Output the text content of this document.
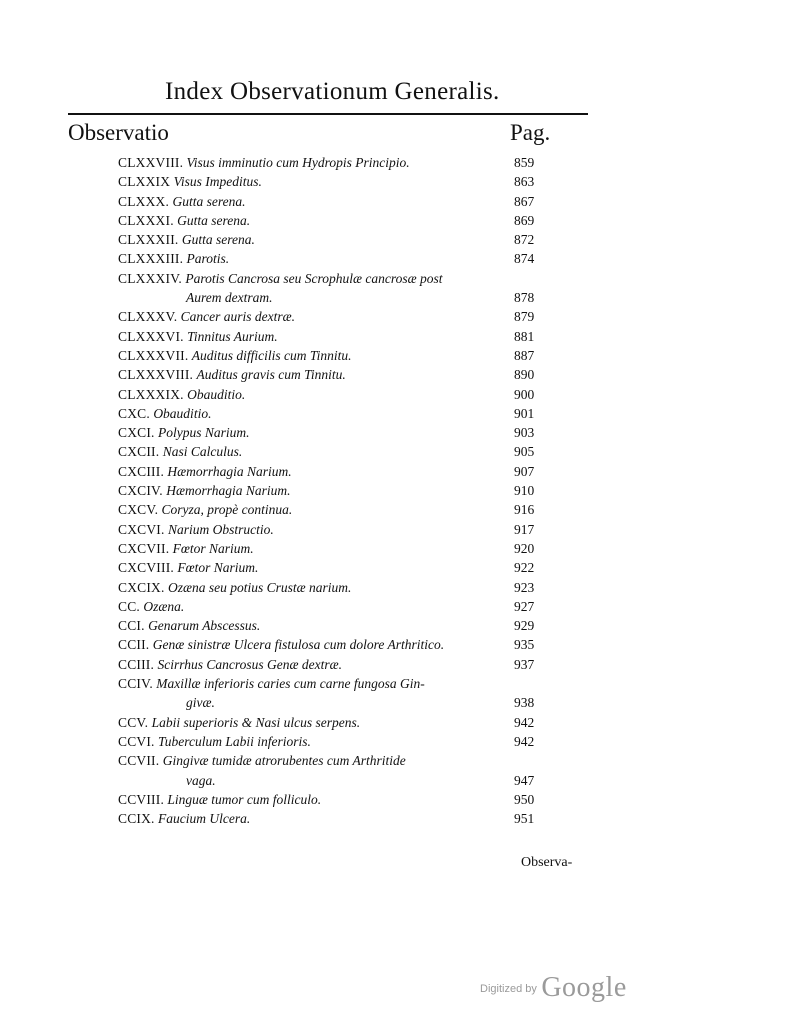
Index Observationum Generalis.
Observatio	Pag.
CLXXVIII. Visus imminutio cum Hydropis Principio.	859
CLXXIX Visus Impeditus.	863
CLXXX. Gutta serena.	867
CLXXXI. Gutta serena.	869
CLXXXII. Gutta serena.	872
CLXXXIII. Parotis.	874
CLXXXIV. Parotis Cancrosa seu Scrophulæ cancrosæ post
Aurem dextram.	878
CLXXXV. Cancer auris dextræ.	879
CLXXXVI. Tinnitus Aurium.	881
CLXXXVII. Auditus difficilis cum Tinnitu.	887
CLXXXVIII. Auditus gravis cum Tinnitu.	890
CLXXXIX. Obauditio.	900
CXC. Obauditio.	901
CXCI. Polypus Narium.	903
CXCII. Nasi Calculus.	905
CXCIII. Hæmorrhagia Narium.	907
CXCIV. Hæmorrhagia Narium.	910
CXCV. Coryza, propè continua.	916
CXCVI. Narium Obstructio.	917
CXCVII. Fœtor Narium.	920
CXCVIII. Fœtor Narium.	922
CXCIX. Ozæna seu potius Crustæ narium.	923
CC. Ozæna.	927
CCI. Genarum Abscessus.	929
CCII. Genæ sinistræ Ulcera fistulosa cum dolore Arthritico.	935
CCIII. Scirrhus Cancrosus Genæ dextræ.	937
CCIV. Maxillæ inferioris caries cum carne fungosa Gin-
givæ.	938
CCV. Labii superioris & Nasi ulcus serpens.	942
CCVI. Tuberculum Labii inferioris.	942
CCVII. Gingivæ tumidæ atrorubentes cum Arthritide
vaga.	947
CCVIII. Linguæ tumor cum folliculo.	950
CCIX. Faucium Ulcera.	951
Observa-
$^{Digitized by}$ Google
